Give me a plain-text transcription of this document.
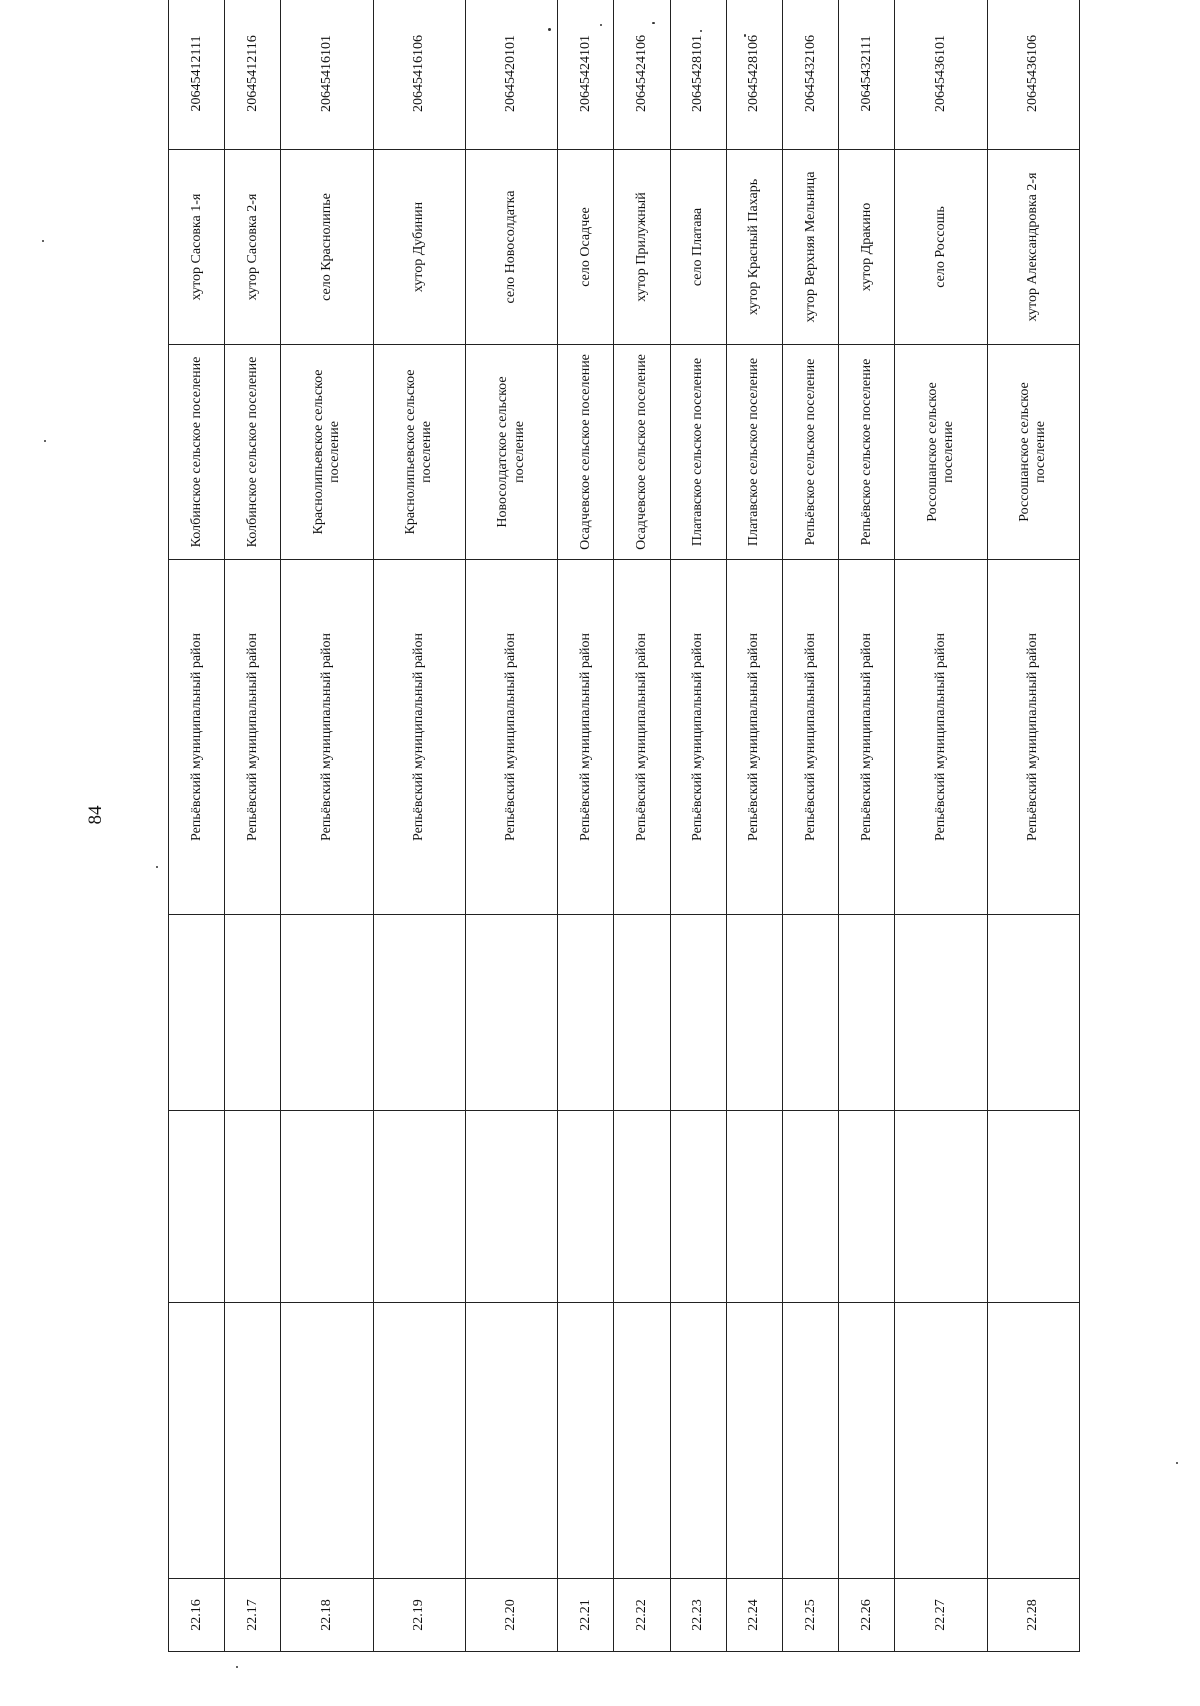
84
22.16				Репьёвский муниципальный район	Колбинское сельское поселение	хутор Сасовка 1-я	20645412111
22.17				Репьёвский муниципальный район	Колбинское сельское поселение	хутор Сасовка 2-я	20645412116
22.18				Репьёвский муниципальный район	Краснолипьевское сельское поселение	село Краснолипье	20645416101
22.19				Репьёвский муниципальный район	Краснолипьевское сельское поселение	хутор Дубинин	20645416106
22.20				Репьёвский муниципальный район	Новосолдатское сельское поселение	село Новосолдатка	20645420101
22.21				Репьёвский муниципальный район	Осадчевское сельское поселение	село Осадчее	20645424101
22.22				Репьёвский муниципальный район	Осадчевское сельское поселение	хутор Прилужный	20645424106
22.23				Репьёвский муниципальный район	Платавское сельское поселение	село Платава	20645428101
22.24				Репьёвский муниципальный район	Платавское сельское поселение	хутор Красный Пахарь	20645428106
22.25				Репьёвский муниципальный район	Репьёвское сельское поселение	хутор Верхняя Мельница	20645432106
22.26				Репьёвский муниципальный район	Репьёвское сельское поселение	хутор Дракино	20645432111
22.27				Репьёвский муниципальный район	Россошанское сельское поселение	село Россошь	20645436101
22.28				Репьёвский муниципальный район	Россошанское сельское поселение	хутор Александровка 2-я	20645436106
